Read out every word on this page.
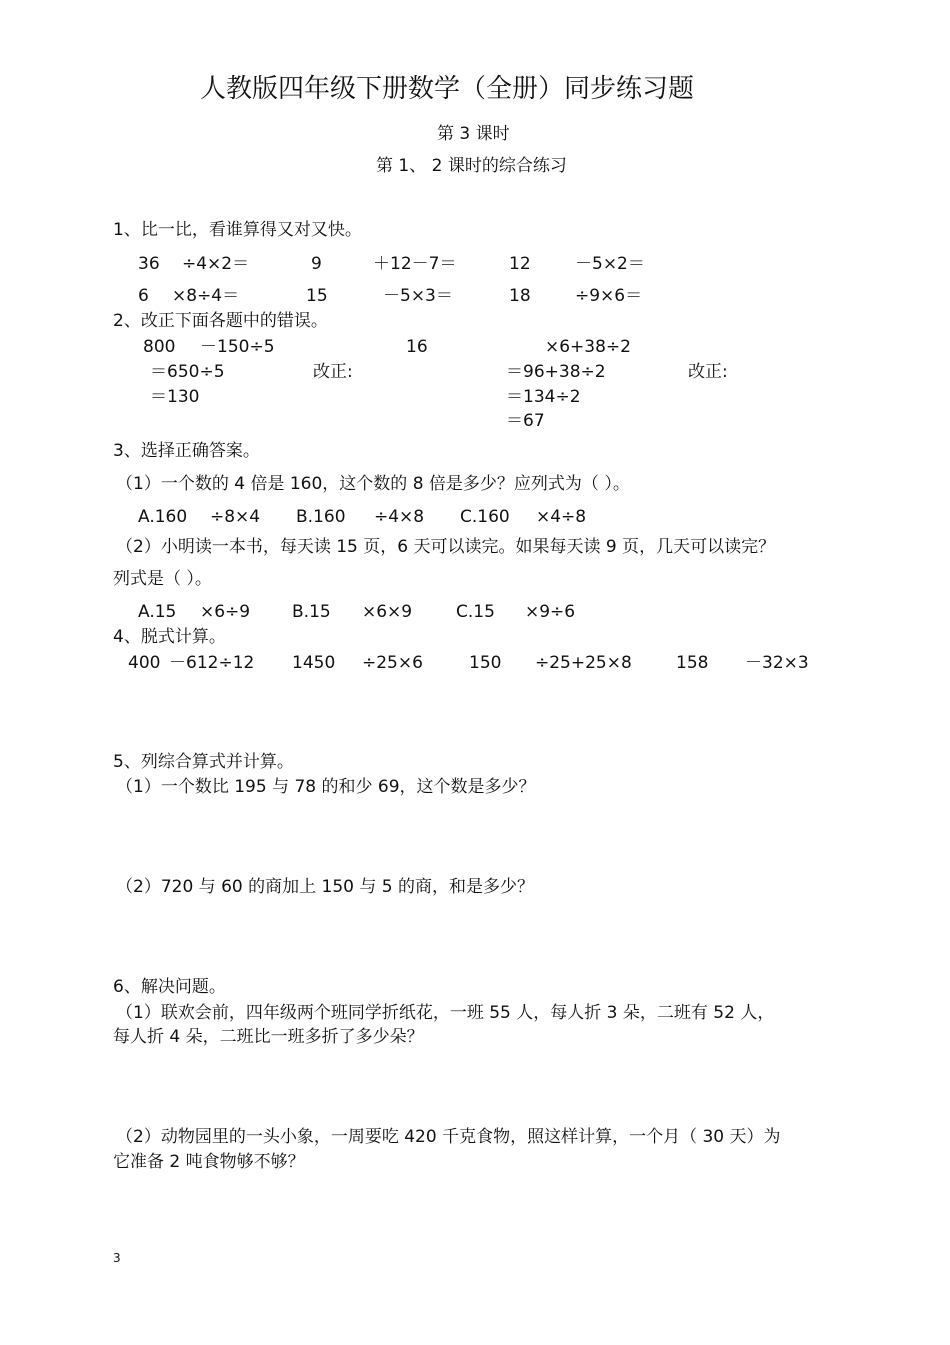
人教版四年级下册数学（全册）同步练习题
第 3 课时
第 1、 2 课时的综合练习
1、比一比，看谁算得又对又快。
36 ÷4×2＝	9	＋12－7＝	12	－5×2＝
6 ×8÷4＝	15	－5×3＝	18	÷9×6＝
2、改正下面各题中的错误。
800 －150÷5
＝650÷5
＝130
改正:
16	×6+38÷2
＝96+38÷2
＝134÷2
＝67
改正:
3、选择正确答案。
（1）一个数的 4 倍是 160，这个数的 8 倍是多少？应列式为（ ）。
A.160 ÷8×4 B.160 ÷4×8 C.160 ×4÷8
（2）小明读一本书，每天读 15 页，6 天可以读完。如果每天读 9 页，几天可以读完？
列式是（ ）。
A.15 ×6÷9 B.15 ×6×9	C.15 ×9÷6
4、脱式计算。
400 －612÷12 1450 ÷25×6	150 ÷25+25×8	158 －32×3
5、列综合算式并计算。
（1）一个数比 195 与 78 的和少 69，这个数是多少？
（2）720 与 60 的商加上 150 与 5 的商，和是多少？
6、解决问题。
（1）联欢会前，四年级两个班同学折纸花，一班 55 人，每人折 3 朵，二班有 52 人，
每人折 4 朵，二班比一班多折了多少朵？
（2）动物园里的一头小象，一周要吃 420 千克食物，照这样计算，一个月（ 30 天）为
它准备 2 吨食物够不够？
3
